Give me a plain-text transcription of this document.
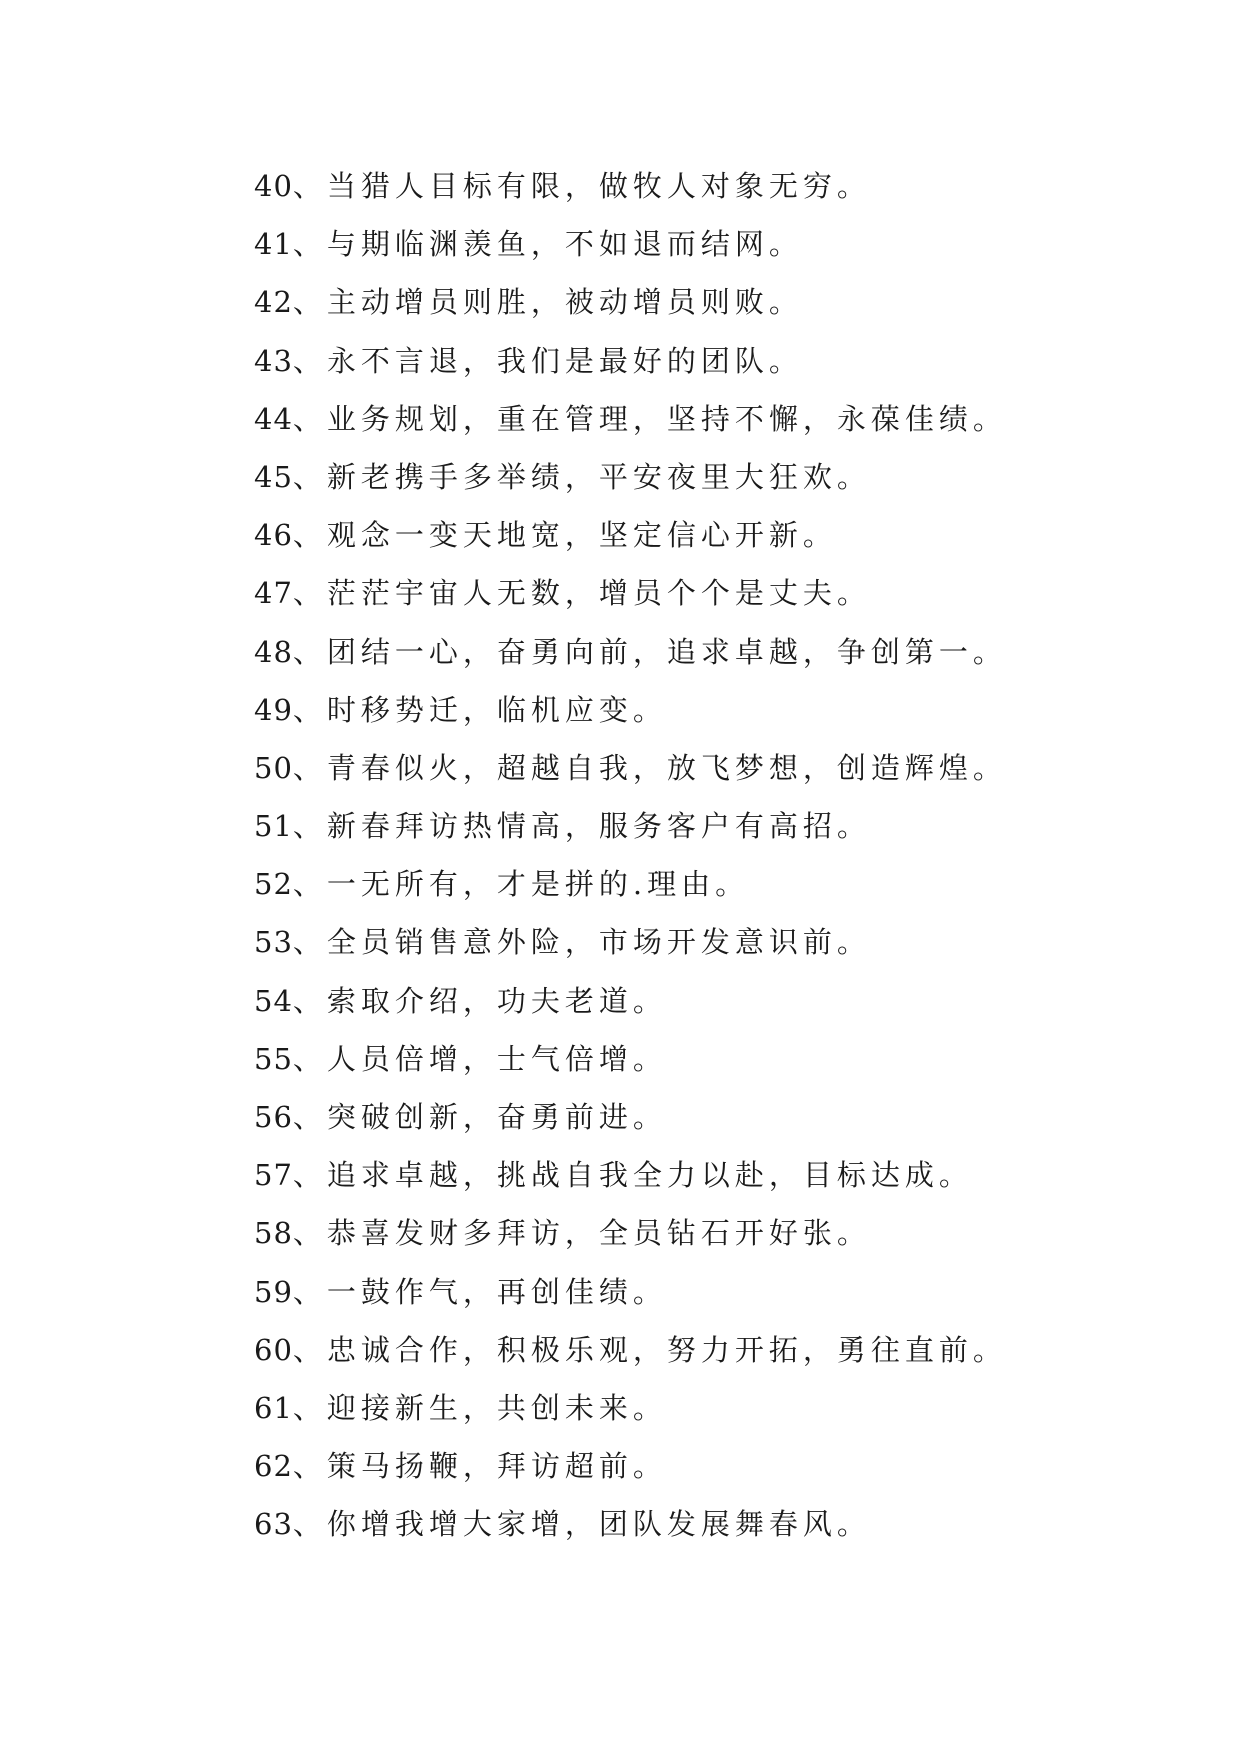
40、当猎人目标有限，做牧人对象无穷。
41、与期临渊羡鱼，不如退而结网。
42、主动增员则胜，被动增员则败。
43、永不言退，我们是最好的团队。
44、业务规划，重在管理，坚持不懈，永葆佳绩。
45、新老携手多举绩，平安夜里大狂欢。
46、观念一变天地宽，坚定信心开新。
47、茫茫宇宙人无数，增员个个是丈夫。
48、团结一心，奋勇向前，追求卓越，争创第一。
49、时移势迁，临机应变。
50、青春似火，超越自我，放飞梦想，创造辉煌。
51、新春拜访热情高，服务客户有高招。
52、一无所有，才是拼的.理由。
53、全员销售意外险，市场开发意识前。
54、索取介绍，功夫老道。
55、人员倍增，士气倍增。
56、突破创新，奋勇前进。
57、追求卓越，挑战自我全力以赴，目标达成。
58、恭喜发财多拜访，全员钻石开好张。
59、一鼓作气，再创佳绩。
60、忠诚合作，积极乐观，努力开拓，勇往直前。
61、迎接新生，共创未来。
62、策马扬鞭，拜访超前。
63、你增我增大家增，团队发展舞春风。
